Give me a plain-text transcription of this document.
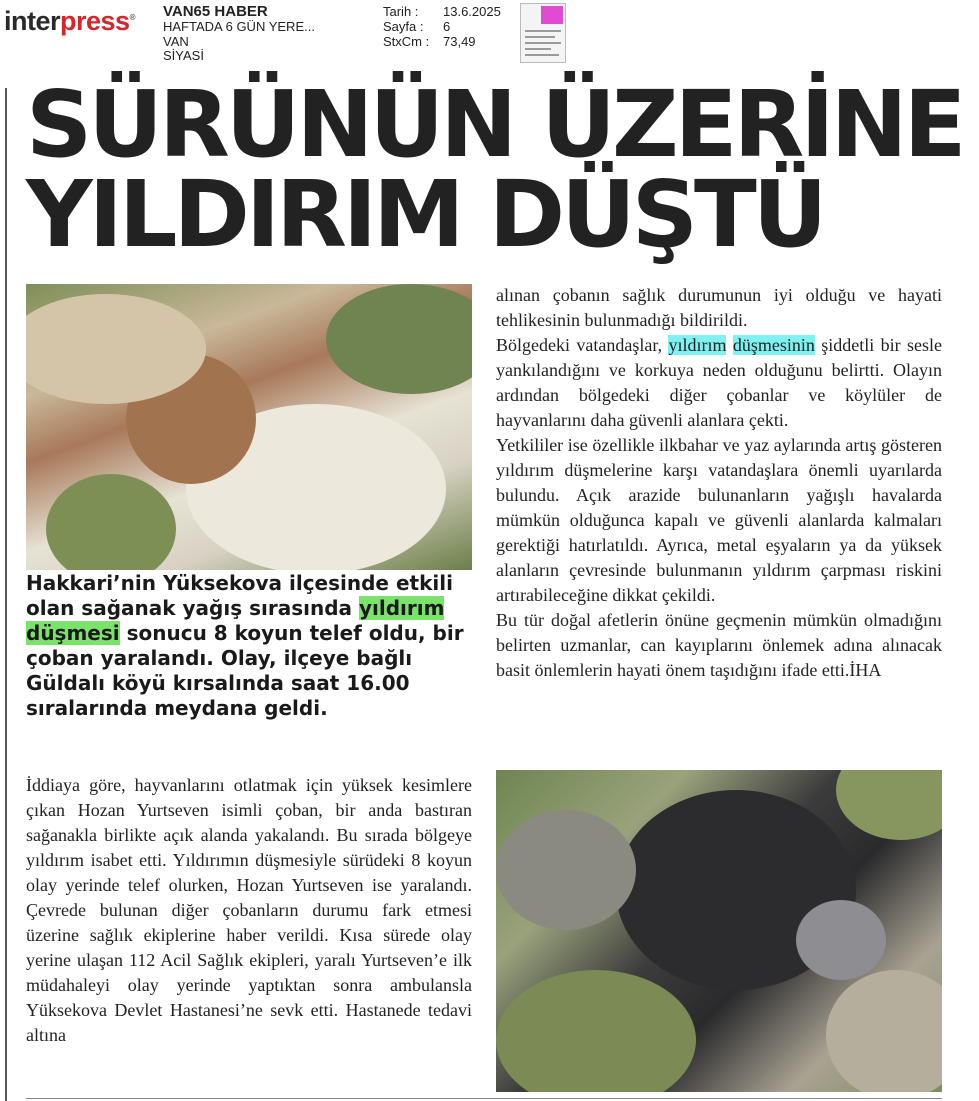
interpress® VAN65 HABER
HAFTADA 6 GÜN YERE...
VAN
SİYASİ
Tarih :	13.6.2025
Sayfa :	6
StxCm :	73,49
SÜRÜNÜN ÜZERİNE
YILDIRIM DÜŞTÜ
Hakkari’nin Yüksekova ilçesinde etkili olan sağanak yağış sırasında yıldırım düşmesi sonucu 8 koyun telef oldu, bir çoban yaralandı. Olay, ilçeye bağlı Güldalı köyü kırsalında saat 16.00 sıralarında meydana geldi.

İddiaya göre, hayvanlarını otlatmak için yüksek kesimlere çıkan Hozan Yurtseven isimli çoban, bir anda bastıran sağanakla birlikte açık alanda yakalandı. Bu sırada bölgeye yıldırım isabet etti. Yıldırımın düşmesiyle sürüdeki 8 koyun olay yerinde telef olurken, Hozan Yurtseven ise yaralandı. Çevrede bulunan diğer çobanların durumu fark etmesi üzerine sağlık ekiplerine haber verildi. Kısa sürede olay yerine ulaşan 112 Acil Sağlık ekipleri, yaralı Yurtseven’e ilk müdahaleyi olay yerinde yaptıktan sonra ambulansla Yüksekova Devlet Hastanesi’ne sevk etti. Hastanede tedavi altına

alınan çobanın sağlık durumunun iyi olduğu ve hayati tehlikesinin bulunmadığı bildirildi.

Bölgedeki vatandaşlar, yıldırım düşmesinin şiddetli bir sesle yankılandığını ve korkuya neden olduğunu belirtti. Olayın ardından bölgedeki diğer çobanlar ve köylüler de hayvanlarını daha güvenli alanlara çekti.

Yetkililer ise özellikle ilkbahar ve yaz aylarında artış gösteren yıldırım düşmelerine karşı vatandaşlara önemli uyarılarda bulundu. Açık arazide bulunanların yağışlı havalarda mümkün olduğunca kapalı ve güvenli alanlarda kalmaları gerektiği hatırlatıldı. Ayrıca, metal eşyaların ya da yüksek alanların çevresinde bulunmanın yıldırım çarpması riskini artırabileceğine dikkat çekildi.

Bu tür doğal afetlerin önüne geçmenin mümkün olmadığını belirten uzmanlar, can kayıplarını önlemek adına alınacak basit önlemlerin hayati önem taşıdığını ifade etti.İHA
